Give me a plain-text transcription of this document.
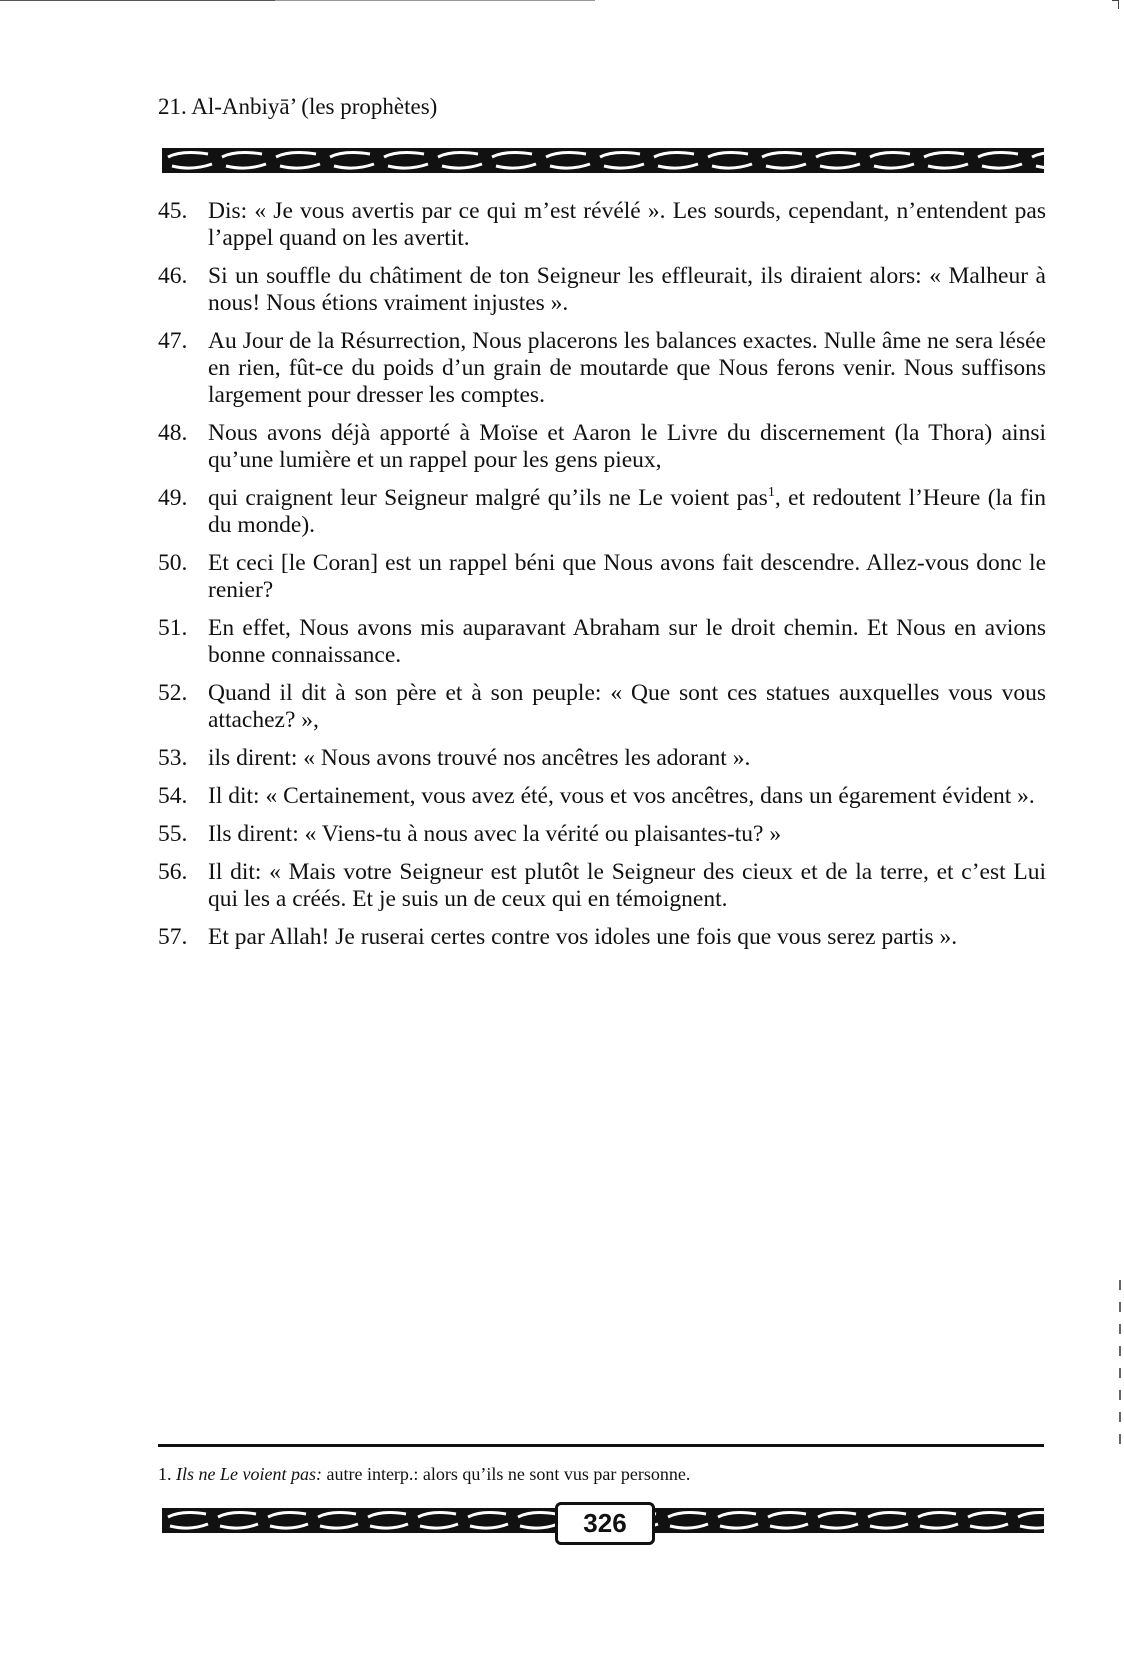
21. Al-Anbiyā’ (les prophètes)
45. Dis: « Je vous avertis par ce qui m’est révélé ». Les sourds, cependant, n’entendent pas l’appel quand on les avertit.
46. Si un souffle du châtiment de ton Seigneur les effleurait, ils diraient alors: « Malheur à nous! Nous étions vraiment injustes ».
47. Au Jour de la Résurrection, Nous placerons les balances exactes. Nulle âme ne sera lésée en rien, fût-ce du poids d’un grain de moutarde que Nous ferons venir. Nous suffisons largement pour dresser les comptes.
48. Nous avons déjà apporté à Moïse et Aaron le Livre du discernement (la Thora) ainsi qu’une lumière et un rappel pour les gens pieux,
49. qui craignent leur Seigneur malgré qu’ils ne Le voient pas$^1$, et redoutent l’Heure (la fin du monde).
50. Et ceci [le Coran] est un rappel béni que Nous avons fait descendre. Allez-vous donc le renier?
51. En effet, Nous avons mis auparavant Abraham sur le droit chemin. Et Nous en avions bonne connaissance.
52. Quand il dit à son père et à son peuple: « Que sont ces statues auxquelles vous vous attachez? »,
53. ils dirent: « Nous avons trouvé nos ancêtres les adorant ».
54. Il dit: « Certainement, vous avez été, vous et vos ancêtres, dans un égarement évident ».
55. Ils dirent: « Viens-tu à nous avec la vérité ou plaisantes-tu? »
56. Il dit: « Mais votre Seigneur est plutôt le Seigneur des cieux et de la terre, et c’est Lui qui les a créés. Et je suis un de ceux qui en témoignent.
57. Et par Allah! Je ruserai certes contre vos idoles une fois que vous serez partis ».
1. Ils ne Le voient pas: autre interp.: alors qu’ils ne sont vus par personne.
326
